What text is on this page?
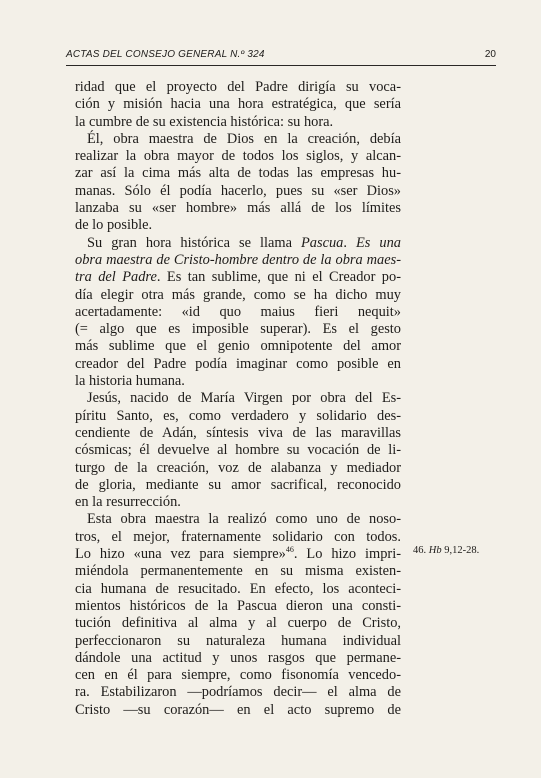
ACTAS DEL CONSEJO GENERAL N.º 324	20
ridad que el proyecto del Padre dirigía su voca-
ción y misión hacia una hora estratégica, que sería
la cumbre de su existencia histórica: su hora.
Él, obra maestra de Dios en la creación, debía
realizar la obra mayor de todos los siglos, y alcan-
zar así la cima más alta de todas las empresas hu-
manas. Sólo él podía hacerlo, pues su «ser Dios»
lanzaba su «ser hombre» más allá de los límites
de lo posible.
Su gran hora histórica se llama Pascua. Es una
obra maestra de Cristo-hombre dentro de la obra maes-
tra del Padre. Es tan sublime, que ni el Creador po-
día elegir otra más grande, como se ha dicho muy
acertadamente: «id quo maius fieri nequit»
(= algo que es imposible superar). Es el gesto
más sublime que el genio omnipotente del amor
creador del Padre podía imaginar como posible en
la historia humana.
Jesús, nacido de María Virgen por obra del Es-
píritu Santo, es, como verdadero y solidario des-
cendiente de Adán, síntesis viva de las maravillas
cósmicas; él devuelve al hombre su vocación de li-
turgo de la creación, voz de alabanza y mediador
de gloria, mediante su amor sacrifical, reconocido
en la resurrección.
Esta obra maestra la realizó como uno de noso-
tros, el mejor, fraternamente solidario con todos.
Lo hizo «una vez para siempre»$^{46}$. Lo hizo impri-
miéndola permanentemente en su misma existen-
cia humana de resucitado. En efecto, los aconteci-
mientos históricos de la Pascua dieron una consti-
tución definitiva al alma y al cuerpo de Cristo,
perfeccionaron su naturaleza humana individual
dándole una actitud y unos rasgos que permane-
cen en él para siempre, como fisonomía vencedo-
ra. Estabilizaron —podríamos decir— el alma de
Cristo —su corazón— en el acto supremo de
46. Hb 9,12-28.
